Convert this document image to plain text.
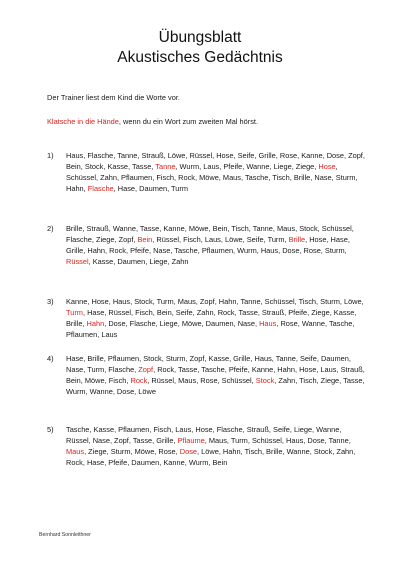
Übungsblatt
Akustisches Gedächtnis
Der Trainer liest dem Kind die Worte vor.
Klatsche in die Hände, wenn du ein Wort zum zweiten Mal hörst.
1) Haus, Flasche, Tanne, Strauß, Löwe, Rüssel, Hose, Seife, Grille, Rose, Kanne, Dose, Zopf, Bein, Stock, Kasse, Tasse, Tanne, Wurm, Laus, Pfeife, Wanne, Liege, Ziege, Hose, Schüssel, Zahn, Pflaumen, Fisch, Rock, Möwe, Maus, Tasche, Tisch, Brille, Nase, Sturm, Hahn, Flasche, Hase, Daumen, Turm
2) Brille, Strauß, Wanne, Tasse, Kanne, Möwe, Bein, Tisch, Tanne, Maus, Stock, Schüssel, Flasche, Ziege, Zopf, Bein, Rüssel, Fisch, Laus, Löwe, Seife, Turm, Brille, Hose, Hase, Grille, Hahn, Rock, Pfeife, Nase, Tasche, Pflaumen, Wurm, Haus, Dose, Rose, Sturm, Rüssel, Kasse, Daumen, Liege, Zahn
3) Kanne, Hose, Haus, Stock, Turm, Maus, Zopf, Hahn, Tanne, Schüssel, Tisch, Sturm, Löwe, Turm, Hase, Rüssel, Fisch, Bein, Seife, Zahn, Rock, Tasse, Strauß, Pfeife, Ziege, Kasse, Brille, Hahn, Dose, Flasche, Liege, Möwe, Daumen, Nase, Haus, Rose, Wanne, Tasche, Pflaumen, Laus
4) Hase, Brille, Pflaumen, Stock, Sturm, Zopf, Kasse, Grille, Haus, Tanne, Seife, Daumen, Nase, Turm, Flasche, Zopf, Rock, Tasse, Tasche, Pfeife, Kanne, Hahn, Hose, Laus, Strauß, Bein, Möwe, Fisch, Rock, Rüssel, Maus, Rose, Schüssel, Stock, Zahn, Tisch, Ziege, Tasse, Wurm, Wanne, Dose, Löwe
5) Tasche, Kasse, Pflaumen, Fisch, Laus, Hose, Flasche, Strauß, Seife, Liege, Wanne, Rüssel, Nase, Zopf, Tasse, Grille, Pflaume, Maus, Turm, Schüssel, Haus, Dose, Tanne, Maus, Ziege, Sturm, Möwe, Rose, Dose, Löwe, Hahn, Tisch, Brille, Wanne, Stock, Zahn, Rock, Hase, Pfeife, Daumen, Kanne, Wurm, Bein
Bernhard Sonnleithner
